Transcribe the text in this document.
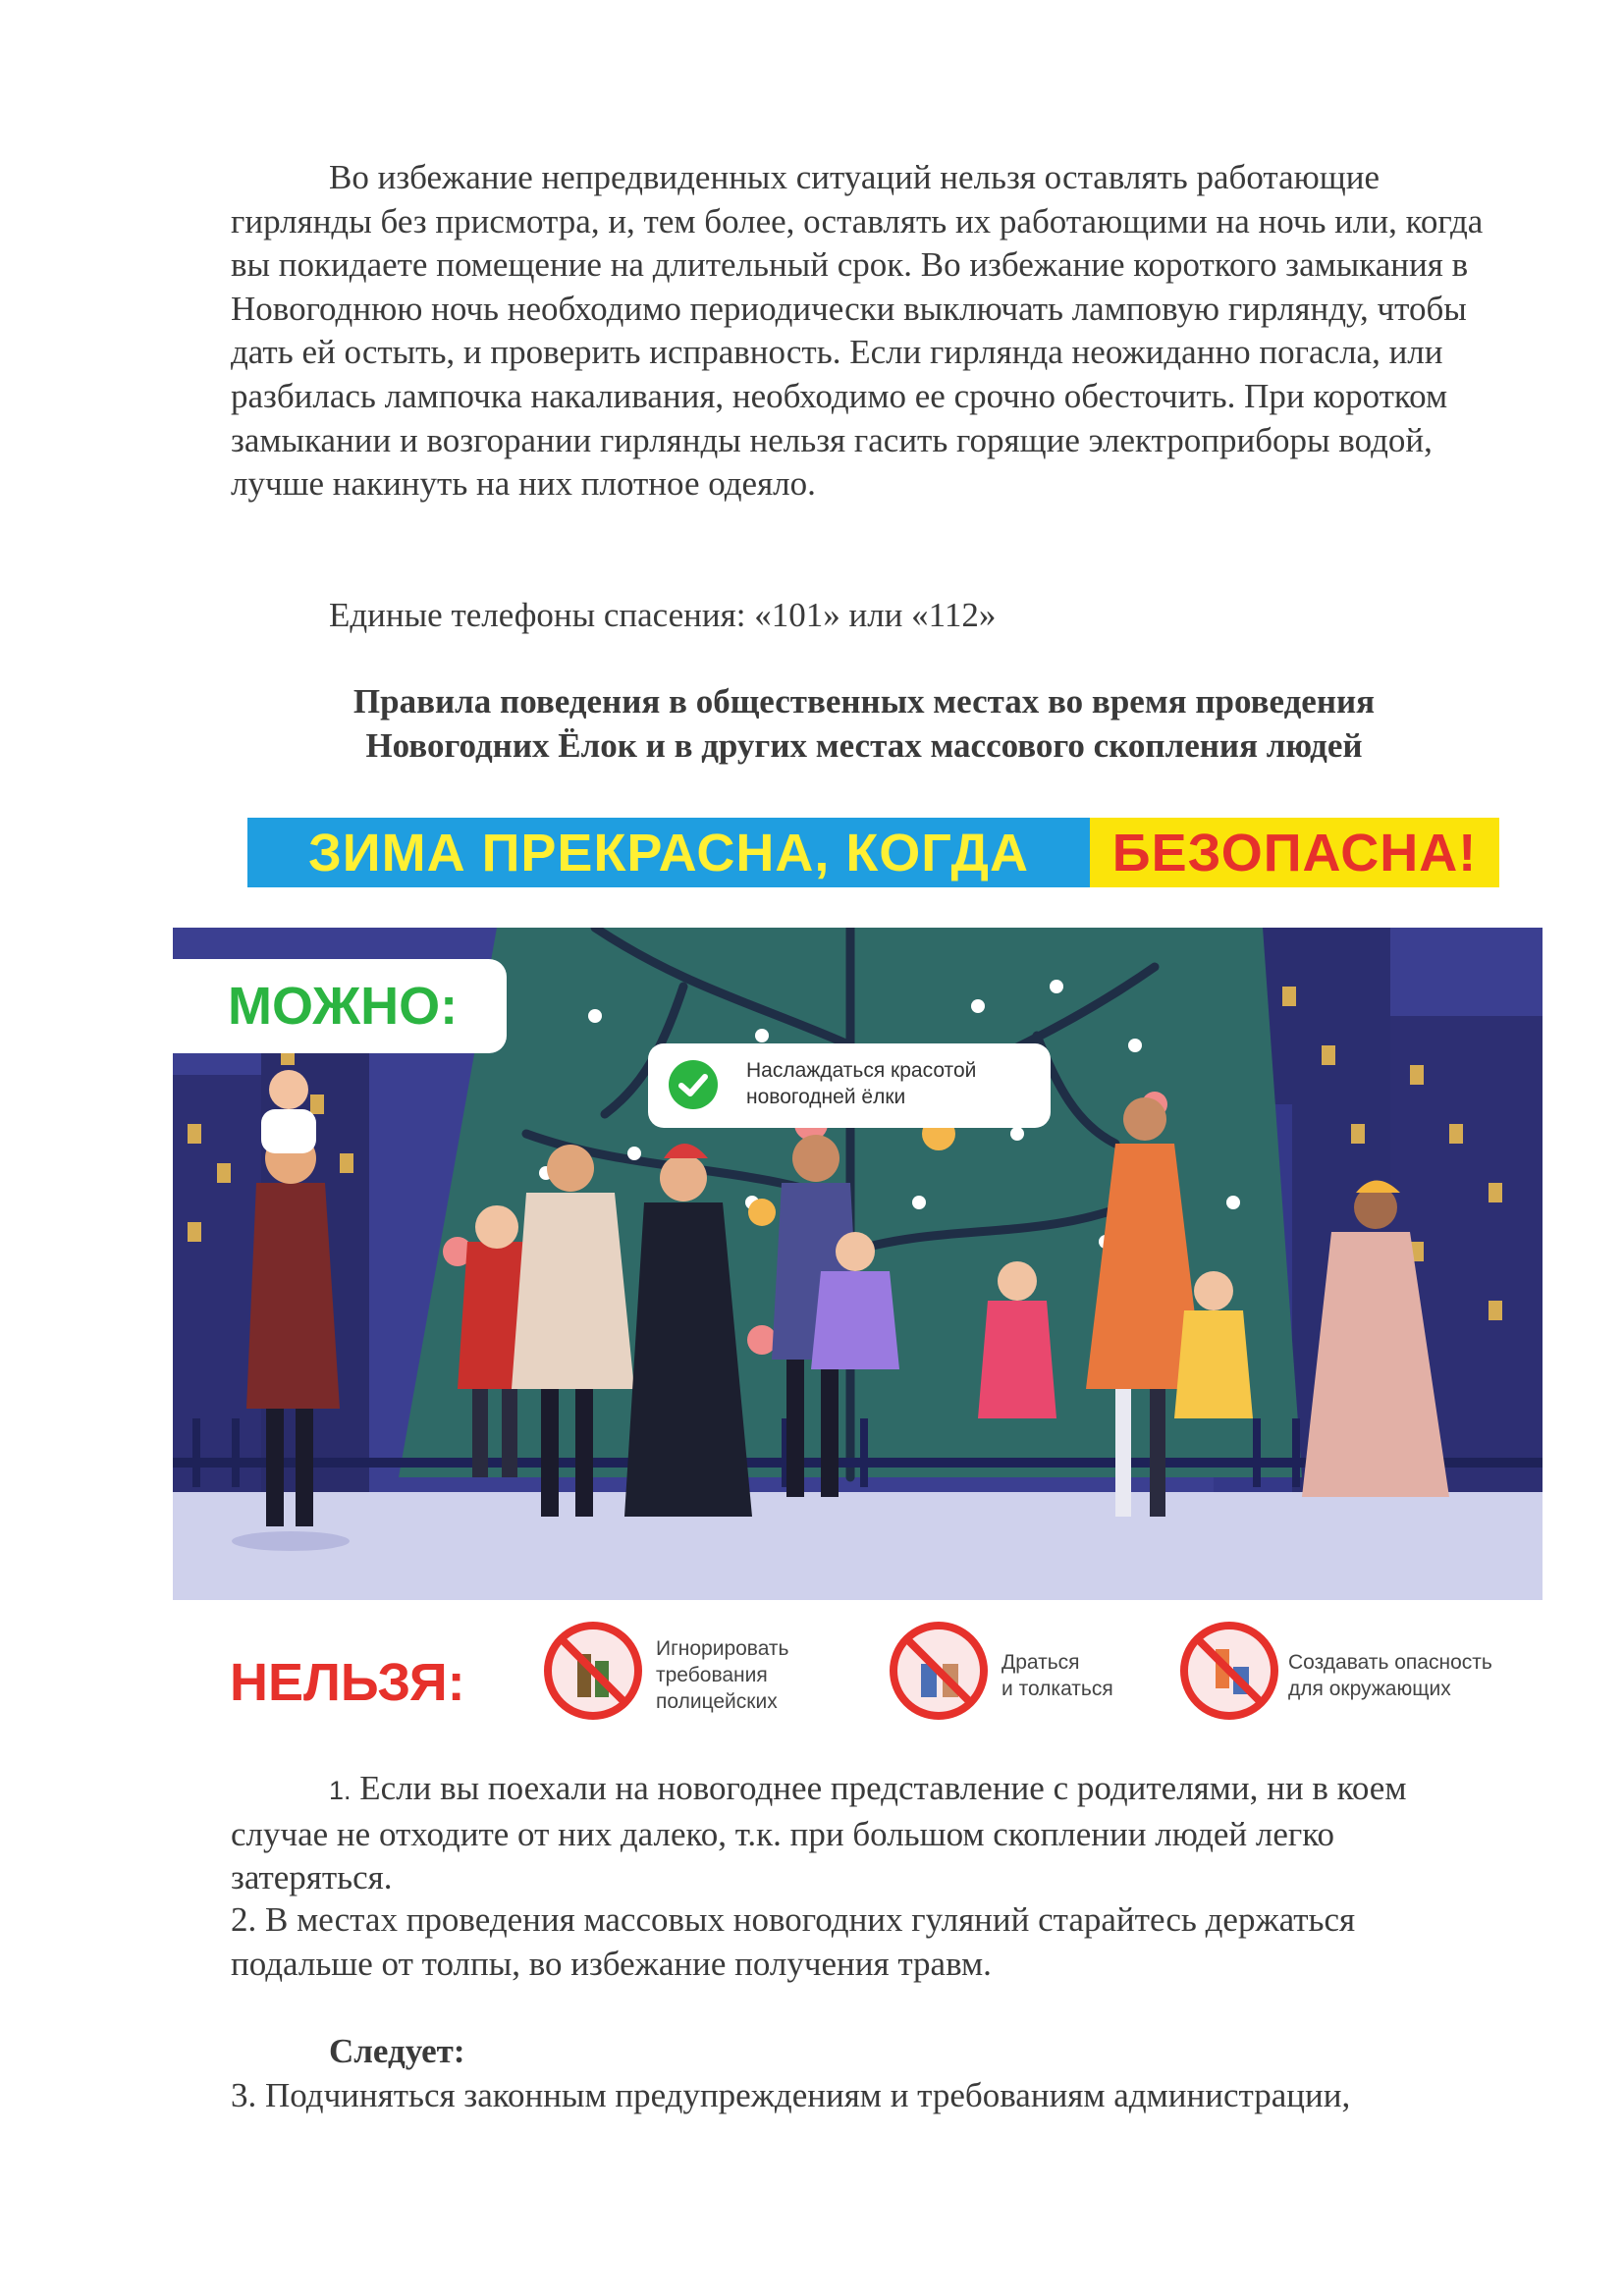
Во избежание непредвиденных ситуаций нельзя оставлять работающие гирлянды без присмотра, и, тем более, оставлять их работающими на ночь или, когда вы покидаете помещение на длительный срок. Во избежание короткого замыкания в Новогоднюю ночь необходимо периодически выключать ламповую гирлянду, чтобы дать ей остыть, и проверить исправность. Если гирлянда неожиданно погасла, или разбилась лампочка накаливания, необходимо ее срочно обесточить. При коротком замыкании и возгорании гирлянды нельзя гасить горящие электроприборы водой, лучше накинуть на них плотное одеяло.

Единые телефоны спасения: «101» или «112»

Правила поведения в общественных местах во время проведения
Новогодних Ёлок и в других местах массового скопления людей
ЗИМА ПРЕКРАСНА, КОГДА БЕЗОПАСНА!
МОЖНО:
Наслаждаться красотой
новогодней ёлки
НЕЛЬЗЯ:
Игнорировать
требования
полицейских
Драться
и толкаться
Создавать опасность
для окружающих

1. Если вы поехали на новогоднее представление с родителями, ни в коем случае не отходите от них далеко, т.к. при большом скоплении людей легко затеряться.

2. В местах проведения массовых новогодних гуляний старайтесь держаться подальше от толпы, во избежание получения травм.

Следует:

3. Подчиняться законным предупреждениям и требованиям администрации,
